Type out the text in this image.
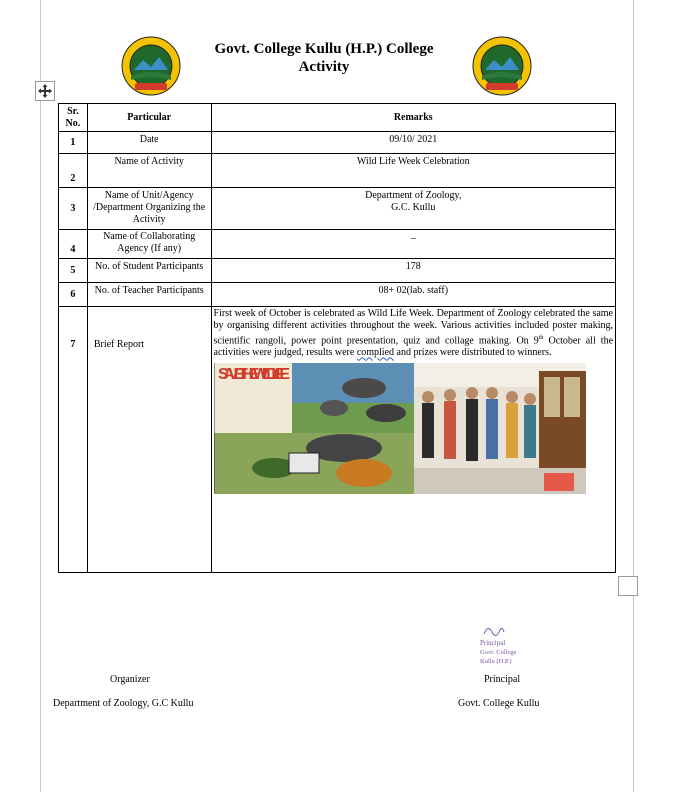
Govt. College Kullu (H.P.) College Activity
Sr. No.	Particular	Remarks
1	Date	09/10/ 2021
2	Name of Activity	Wild Life Week Celebration
3	Name of Unit/Agency /Department Organizing the Activity	Department of Zoology,
G.C. Kullu

4	Name of Collaborating Agency (If any)	–
5	No. of Student Participants	178
6	No. of Teacher Participants	08+ 02(lab. staff)
7	Brief Report	First week of October is celebrated as Wild Life Week. Department of Zoology celebrated the same by organising different activities throughout the week. Various activities included poster making, scientific rangoli, power point presentation, quiz and collage making. On 9th October all the activities were judged, results were complied and prizes were distributed to winners.
SAVE THE WILD LIFE
Principal
Govt. College
Kullu (H.P.)
Organizer
Department of Zoology, G.C Kullu
Principal
Govt. College Kullu
